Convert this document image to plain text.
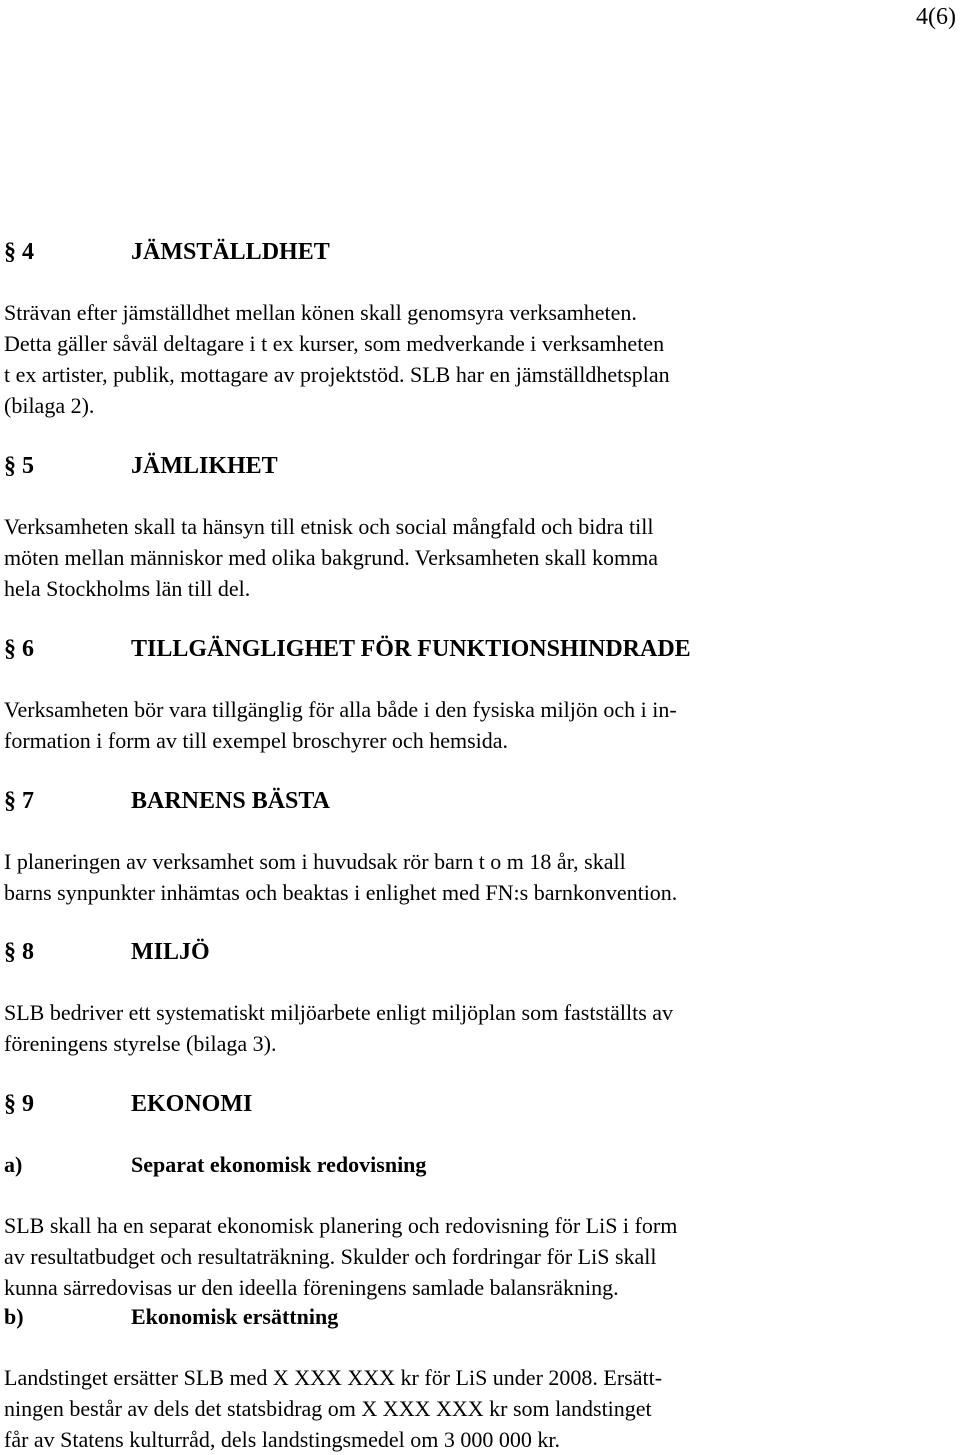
4(6)
§ 4	JÄMSTÄLLDHET
Strävan efter jämställdhet mellan könen skall genomsyra verksamheten.
Detta gäller såväl deltagare i t ex kurser, som medverkande i verksamheten
t ex artister, publik, mottagare av projektstöd. SLB har en jämställdhetsplan
(bilaga 2).
§ 5	JÄMLIKHET
Verksamheten skall ta hänsyn till etnisk och social mångfald och bidra till
möten mellan människor med olika bakgrund. Verksamheten skall komma
hela Stockholms län till del.
§ 6	TILLGÄNGLIGHET FÖR FUNKTIONSHINDRADE
Verksamheten bör vara tillgänglig för alla både i den fysiska miljön och i in-
formation i form av till exempel broschyrer och hemsida.
§ 7	BARNENS BÄSTA
I planeringen av verksamhet som i huvudsak rör barn t o m 18 år, skall
barns synpunkter inhämtas och beaktas i enlighet med FN:s barnkonvention.
§ 8	MILJÖ
SLB bedriver ett systematiskt miljöarbete enligt miljöplan som fastställts av
föreningens styrelse (bilaga 3).
§ 9	EKONOMI
a)	Separat ekonomisk redovisning
SLB skall ha en separat ekonomisk planering och redovisning för LiS i form
av resultatbudget och resultaträkning. Skulder och fordringar för LiS skall
kunna särredovisas ur den ideella föreningens samlade balansräkning.
b)	Ekonomisk ersättning
Landstinget ersätter SLB med X XXX XXX kr för LiS under 2008. Ersätt-
ningen består av dels det statsbidrag om X XXX XXX kr som landstinget
får av Statens kulturråd, dels landstingsmedel om 3 000 000 kr.
